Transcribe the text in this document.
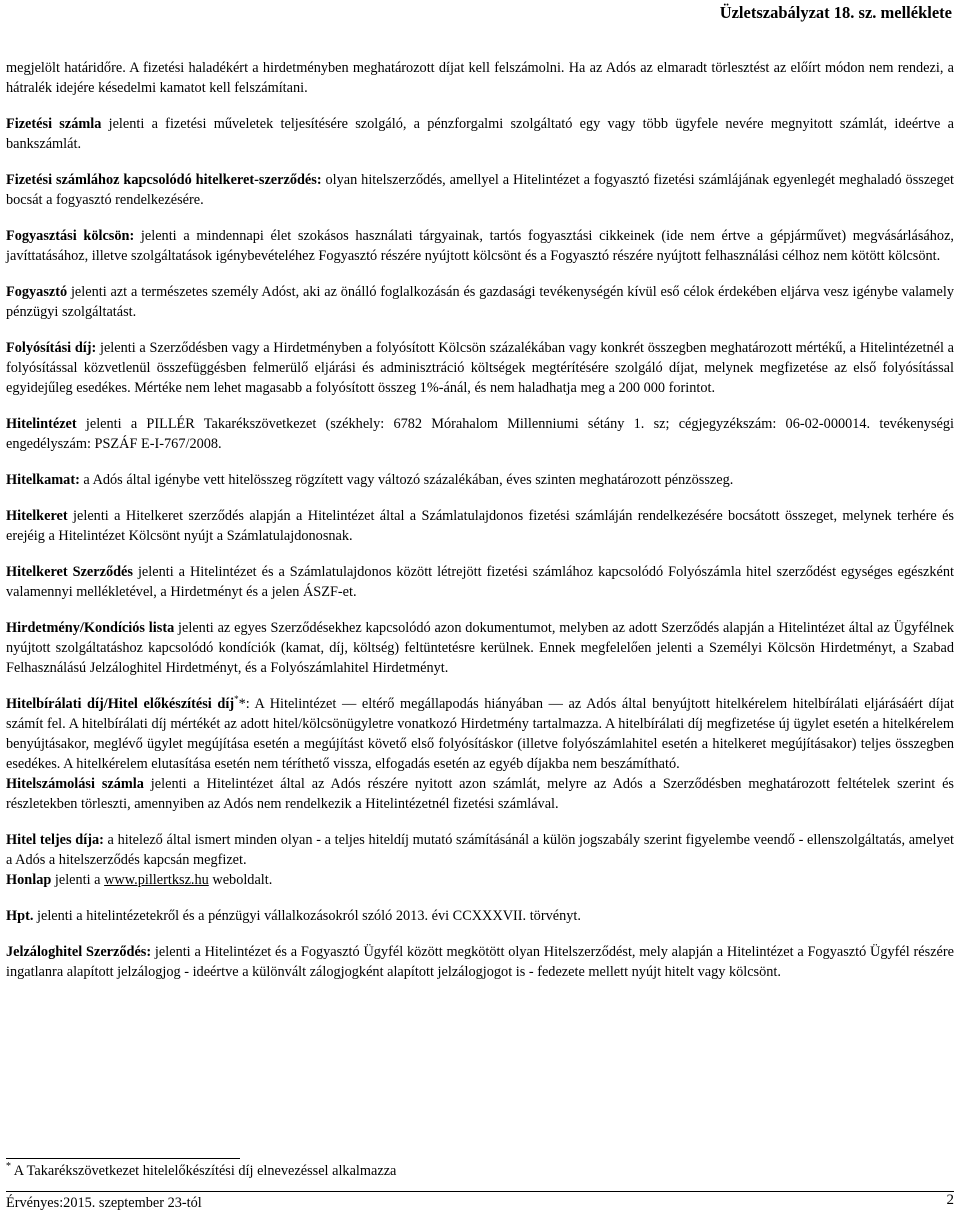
Üzletszabályzat 18. sz. melléklete

megjelölt határidőre. A fizetési haladékért a hirdetményben meghatározott díjat kell felszámolni. Ha az Adós az elmaradt törlesztést az előírt módon nem rendezi, a hátralék idejére késedelmi kamatot kell felszámítani.

Fizetési számla jelenti a fizetési műveletek teljesítésére szolgáló, a pénzforgalmi szolgáltató egy vagy több ügyfele nevére megnyitott számlát, ideértve a bankszámlát.

Fizetési számlához kapcsolódó hitelkeret-szerződés: olyan hitelszerződés, amellyel a Hitelintézet a fogyasztó fizetési számlájának egyenlegét meghaladó összeget bocsát a fogyasztó rendelkezésére.

Fogyasztási kölcsön: jelenti a mindennapi élet szokásos használati tárgyainak, tartós fogyasztási cikkeinek (ide nem értve a gépjárművet) megvásárlásához, javíttatásához, illetve szolgáltatások igénybevételéhez Fogyasztó részére nyújtott kölcsönt és a Fogyasztó részére nyújtott felhasználási célhoz nem kötött kölcsönt.

Fogyasztó jelenti azt a természetes személy Adóst, aki az önálló foglalkozásán és gazdasági tevékenységén kívül eső célok érdekében eljárva vesz igénybe valamely pénzügyi szolgáltatást.

Folyósítási díj: jelenti a Szerződésben vagy a Hirdetményben a folyósított Kölcsön százalékában vagy konkrét összegben meghatározott mértékű, a Hitelintézetnél a folyósítással közvetlenül összefüggésben felmerülő eljárási és adminisztráció költségek megtérítésére szolgáló díjat, melynek megfizetése az első folyósítással egyidejűleg esedékes. Mértéke nem lehet magasabb a folyósított összeg 1%-ánál, és nem haladhatja meg a 200 000 forintot.

Hitelintézet jelenti a PILLÉR Takarékszövetkezet (székhely: 6782 Mórahalom Millenniumi sétány 1. sz; cégjegyzékszám: 06-02-000014. tevékenységi engedélyszám: PSZÁF E-I-767/2008.

Hitelkamat: a Adós által igénybe vett hitelösszeg rögzített vagy változó százalékában, éves szinten meghatározott pénzösszeg.

Hitelkeret jelenti a Hitelkeret szerződés alapján a Hitelintézet által a Számlatulajdonos fizetési számláján rendelkezésére bocsátott összeget, melynek terhére és erejéig a Hitelintézet Kölcsönt nyújt a Számlatulajdonosnak.

Hitelkeret Szerződés jelenti a Hitelintézet és a Számlatulajdonos között létrejött fizetési számlához kapcsolódó Folyószámla hitel szerződést egységes egészként valamennyi mellékletével, a Hirdetményt és a jelen ÁSZF-et.

Hirdetmény/Kondíciós lista jelenti az egyes Szerződésekhez kapcsolódó azon dokumentumot, melyben az adott Szerződés alapján a Hitelintézet által az Ügyfélnek nyújtott szolgáltatáshoz kapcsolódó kondíciók (kamat, díj, költség) feltüntetésre kerülnek. Ennek megfelelően jelenti a Személyi Kölcsön Hirdetményt, a Szabad Felhasználású Jelzáloghitel Hirdetményt, és a Folyószámlahitel Hirdetményt.

Hitelbírálati díj/Hitel előkészítési díj**: A Hitelintézet — eltérő megállapodás hiányában — az Adós által benyújtott hitelkérelem hitelbírálati eljárásáért díjat számít fel. A hitelbírálati díj mértékét az adott hitel/kölcsönügyletre vonatkozó Hirdetmény tartalmazza. A hitelbírálati díj megfizetése új ügylet esetén a hitelkérelem benyújtásakor, meglévő ügylet megújítása esetén a megújítást követő első folyósításkor (illetve folyószámlahitel esetén a hitelkeret megújításakor) teljes összegben esedékes. A hitelkérelem elutasítása esetén nem téríthető vissza, elfogadás esetén az egyéb díjakba nem beszámítható.

Hitelszámolási számla jelenti a Hitelintézet által az Adós részére nyitott azon számlát, melyre az Adós a Szerződésben meghatározott feltételek szerint és részletekben törleszti, amennyiben az Adós nem rendelkezik a Hitelintézetnél fizetési számlával.

Hitel teljes díja: a hitelező által ismert minden olyan - a teljes hiteldíj mutató számításánál a külön jogszabály szerint figyelembe veendő - ellenszolgáltatás, amelyet a Adós a hitelszerződés kapcsán megfizet.

Honlap jelenti a www.pillertksz.hu weboldalt.

Hpt. jelenti a hitelintézetekről és a pénzügyi vállalkozásokról szóló 2013. évi CCXXXVII. törvényt.

Jelzáloghitel Szerződés: jelenti a Hitelintézet és a Fogyasztó Ügyfél között megkötött olyan Hitelszerződést, mely alapján a Hitelintézet a Fogyasztó Ügyfél részére ingatlanra alapított jelzálogjog - ideértve a különvált zálogjogként alapított jelzálogjogot is - fedezete mellett nyújt hitelt vagy kölcsönt.

* A Takarékszövetkezet hitelelőkészítési díj elnevezéssel alkalmazza
Érvényes:2015. szeptember 23-tól	2
